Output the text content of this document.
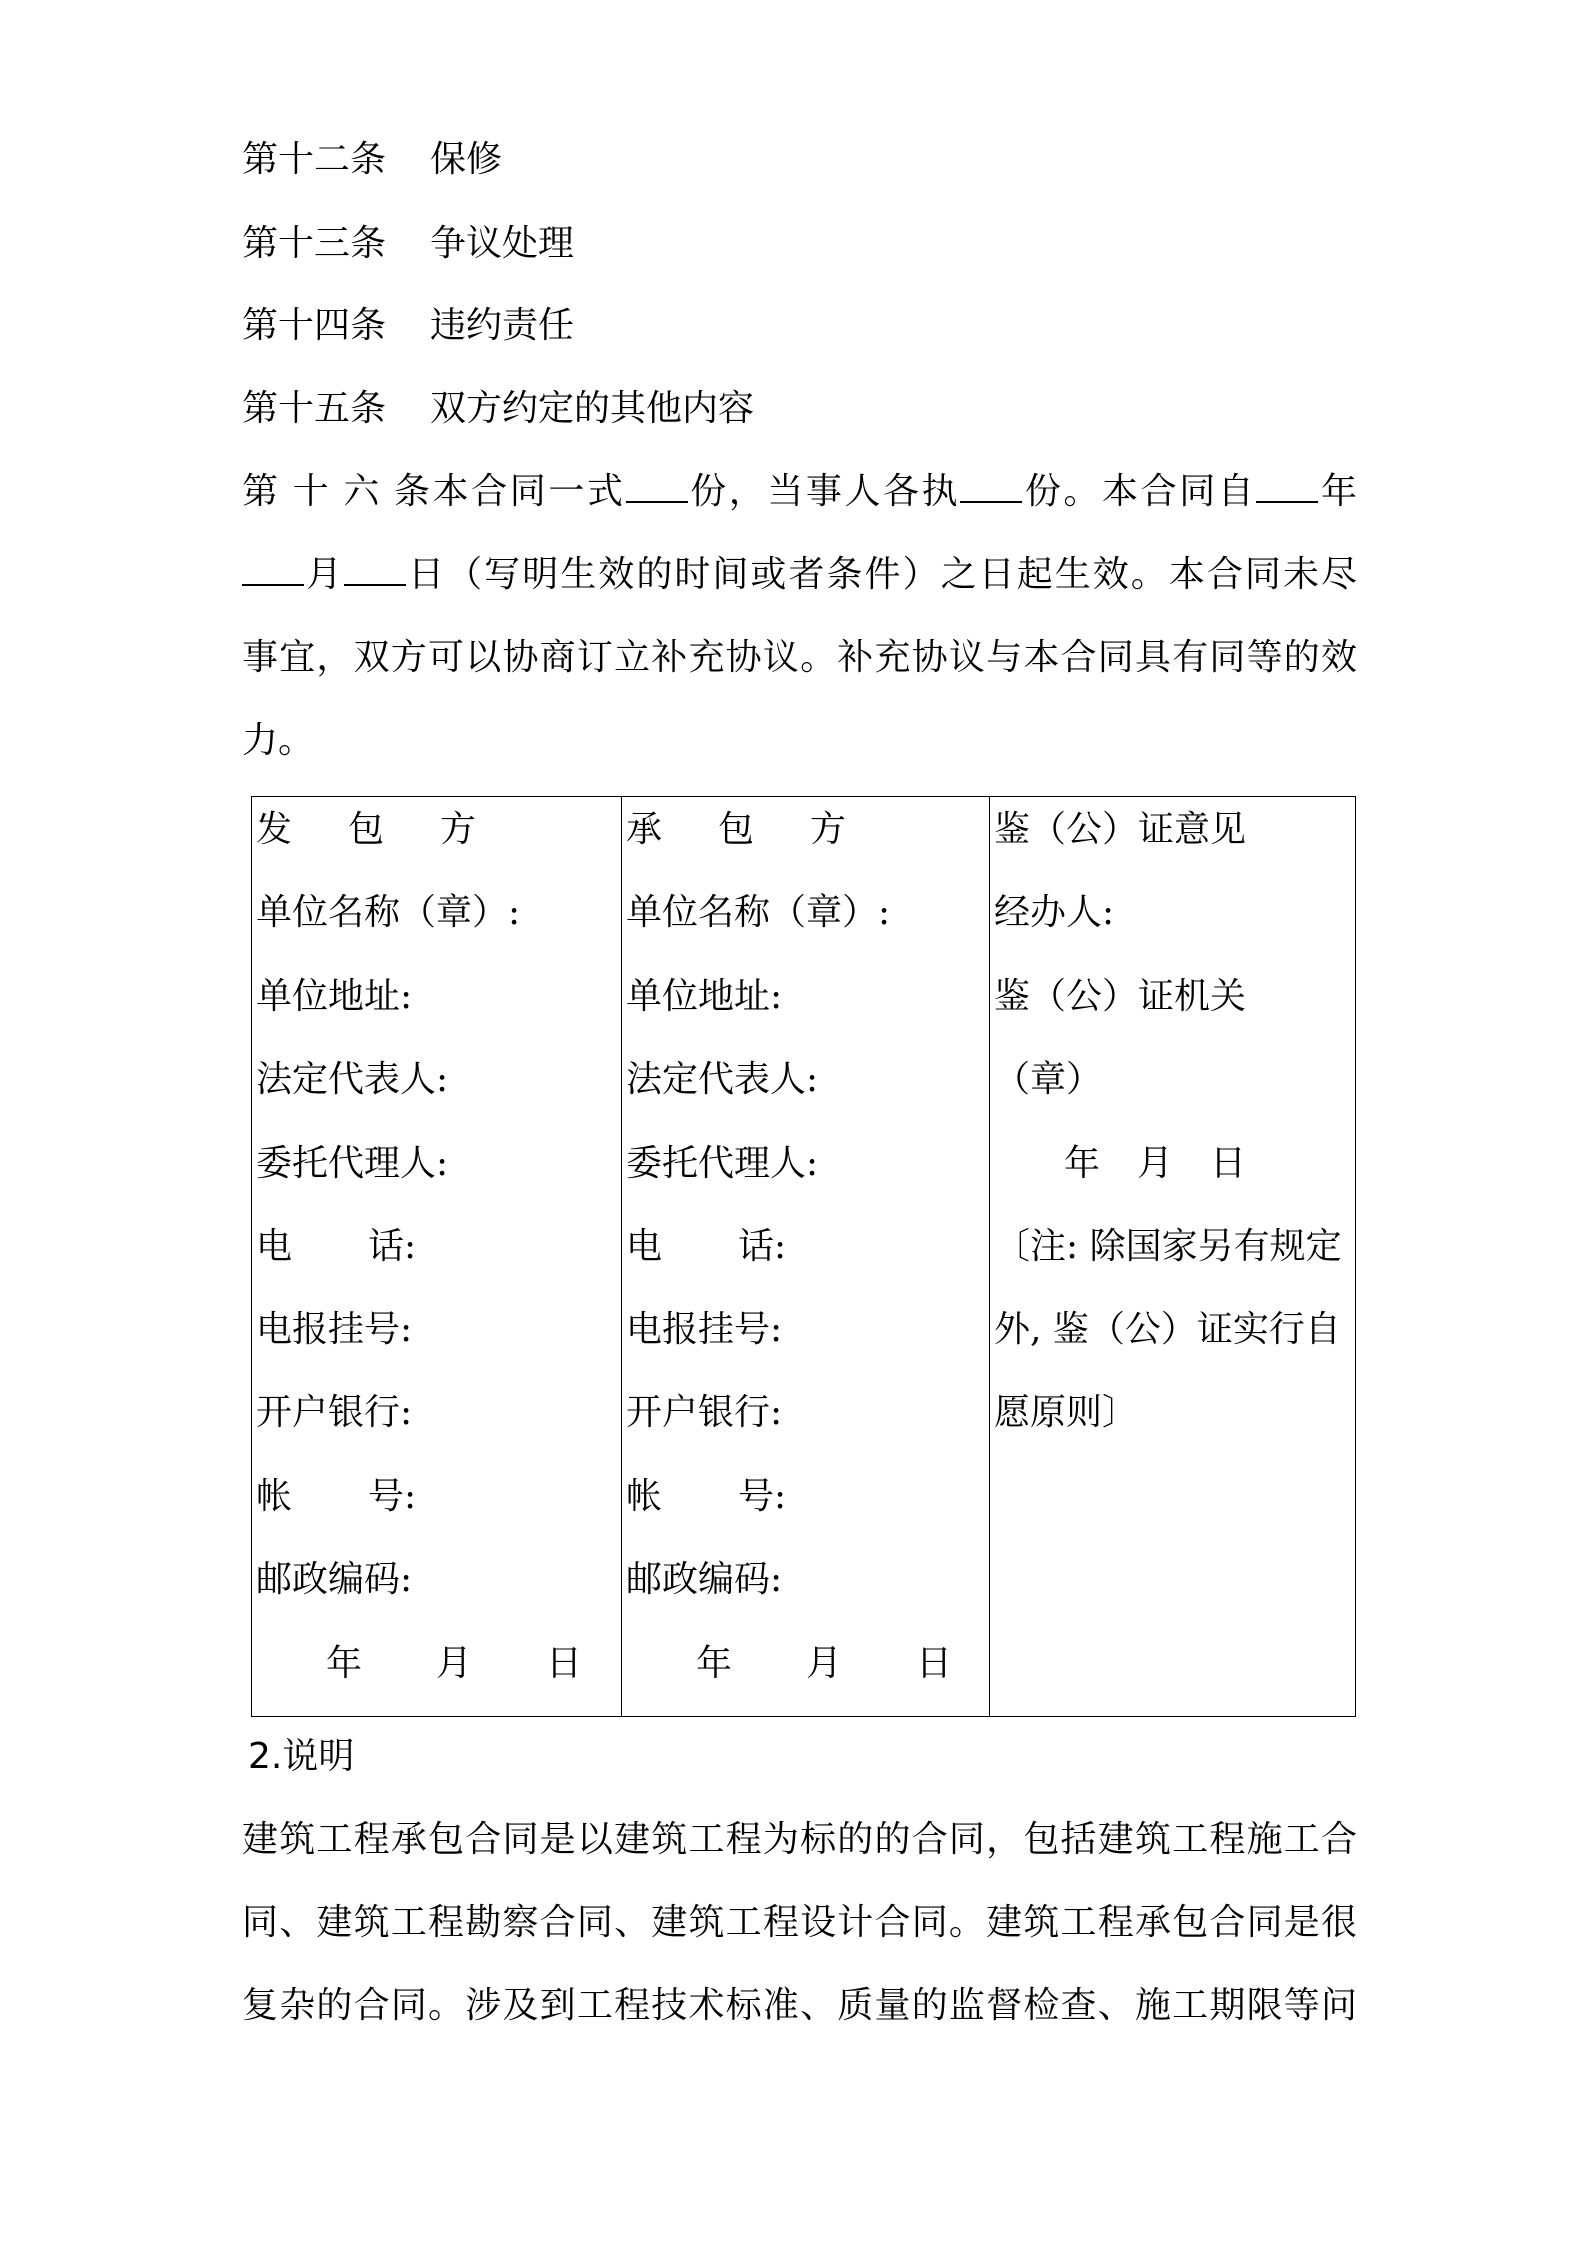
第十二条 保修
第十三条 争议处理
第十四条 违约责任
第十五条 双方约定的其他内容
第十六条本合同一式 份，当事人各执 份。本合同自 年
月 日（写明生效的时间或者条件）之日起生效。本合同未尽
事宜，双方可以协商订立补充协议。补充协议与本合同具有同等的效
力。
发 包 方
单位名称（章）:
单位地址:
法定代表人:
委托代理人:
电 话:
电报挂号:
开户银行:
帐 号:
邮政编码:
年 月 日
承 包 方
单位名称（章）:
单位地址:
法定代表人:
委托代理人:
电 话:
电报挂号:
开户银行:
帐 号:
邮政编码:
年 月 日
鉴（公）证意见
经办人:
鉴（公）证机关
（章）
年 月 日
〔注: 除国家另有规定
外, 鉴（公）证实行自
愿原则〕
2.说明
建筑工程承包合同是以建筑工程为标的的合同，包括建筑工程施工合
同、建筑工程勘察合同、建筑工程设计合同。建筑工程承包合同是很
复杂的合同。涉及到工程技术标准、质量的监督检查、施工期限等问
